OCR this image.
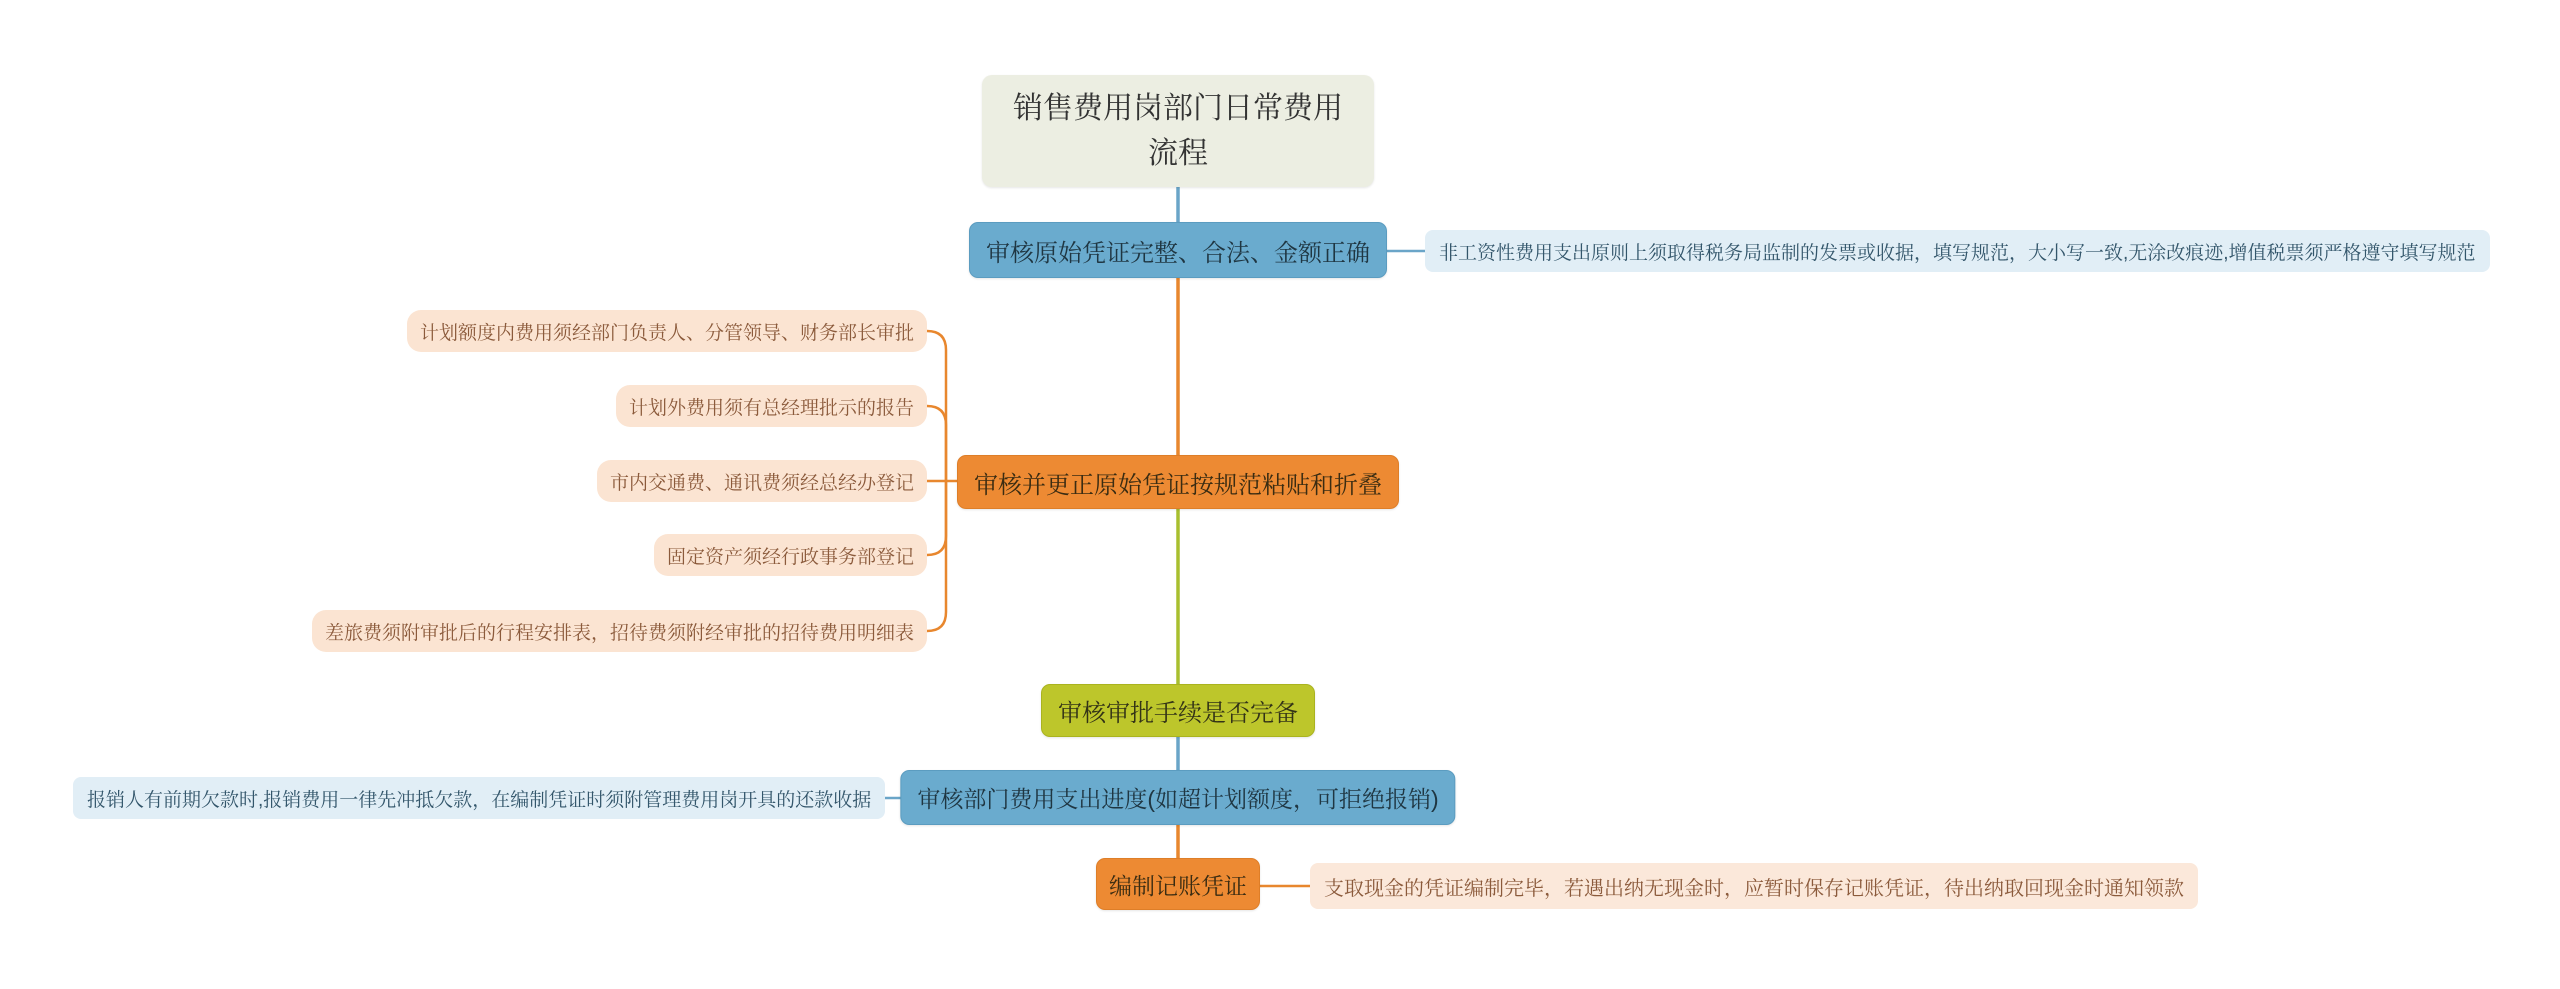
销售费用岗部门日常费用流程
审核原始凭证完整、合法、金额正确
审核并更正原始凭证按规范粘贴和折叠
审核审批手续是否完备
审核部门费用支出进度(如超计划额度，可拒绝报销)
编制记账凭证
计划额度内费用须经部门负责人、分管领导、财务部长审批
计划外费用须有总经理批示的报告
市内交通费、通讯费须经总经办登记
固定资产须经行政事务部登记
差旅费须附审批后的行程安排表，招待费须附经审批的招待费用明细表
非工资性费用支出原则上须取得税务局监制的发票或收据，填写规范，大小写一致,无涂改痕迹,增值税票须严格遵守填写规范
报销人有前期欠款时,报销费用一律先冲抵欠款，在编制凭证时须附管理费用岗开具的还款收据
支取现金的凭证编制完毕，若遇出纳无现金时，应暂时保存记账凭证，待出纳取回现金时通知领款
